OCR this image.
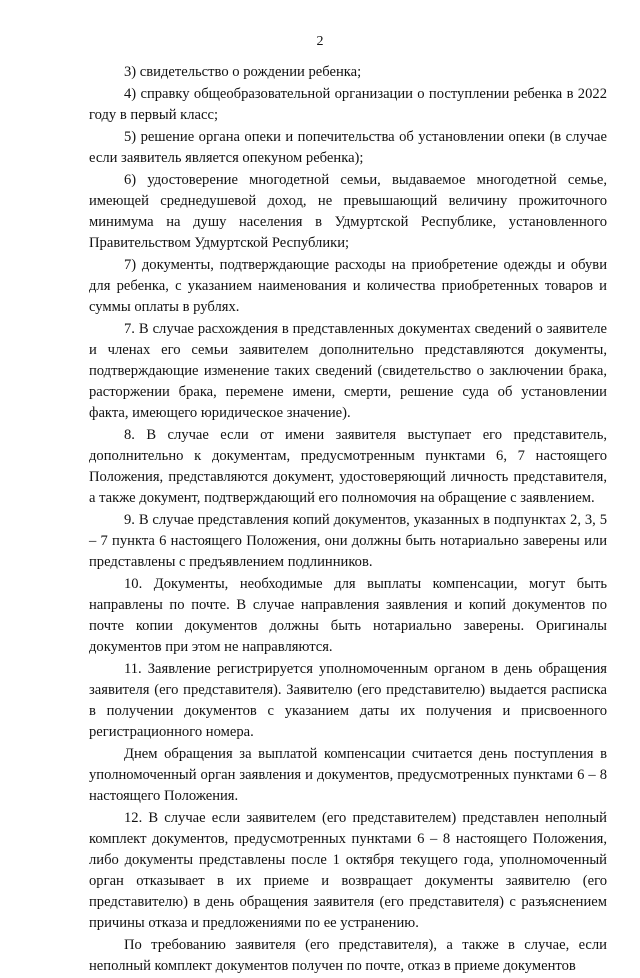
2

3) свидетельство о рождении ребенка;

4) справку общеобразовательной организации о поступлении ребенка в 2022 году в первый класс;

5) решение органа опеки и попечительства об установлении опеки (в случае если заявитель является опекуном ребенка);

6) удостоверение многодетной семьи, выдаваемое многодетной семье, имеющей среднедушевой доход, не превышающий величину прожиточного минимума на душу населения в Удмуртской Республике, установленного Правительством Удмуртской Республики;

7) документы, подтверждающие расходы на приобретение одежды и обуви для ребенка, с указанием наименования и количества приобретенных товаров и суммы оплаты в рублях.

7. В случае расхождения в представленных документах сведений о заявителе и членах его семьи заявителем дополнительно представляются документы, подтверждающие изменение таких сведений (свидетельство о заключении брака, расторжении брака, перемене имени, смерти, решение суда об установлении факта, имеющего юридическое значение).

8. В случае если от имени заявителя выступает его представитель, дополнительно к документам, предусмотренным пунктами 6, 7 настоящего Положения, представляются документ, удостоверяющий личность представителя, а также документ, подтверждающий его полномочия на обращение с заявлением.

9. В случае представления копий документов, указанных в подпунктах 2, 3, 5 – 7 пункта 6 настоящего Положения, они должны быть нотариально заверены или представлены с предъявлением подлинников.

10. Документы, необходимые для выплаты компенсации, могут быть направлены по почте. В случае направления заявления и копий документов по почте копии документов должны быть нотариально заверены. Оригиналы документов при этом не направляются.

11. Заявление регистрируется уполномоченным органом в день обращения заявителя (его представителя). Заявителю (его представителю) выдается расписка в получении документов с указанием даты их получения и присвоенного регистрационного номера.

Днем обращения за выплатой компенсации считается день поступления в уполномоченный орган заявления и документов, предусмотренных пунктами 6 – 8 настоящего Положения.

12. В случае если заявителем (его представителем) представлен неполный комплект документов, предусмотренных пунктами 6 – 8 настоящего Положения, либо документы представлены после 1 октября текущего года, уполномоченный орган отказывает в их приеме и возвращает документы заявителю (его представителю) в день обращения заявителя (его представителя) с разъяснением причины отказа и предложениями по ее устранению.

По требованию заявителя (его представителя), а также в случае, если неполный комплект документов получен по почте, отказ в приеме документов
